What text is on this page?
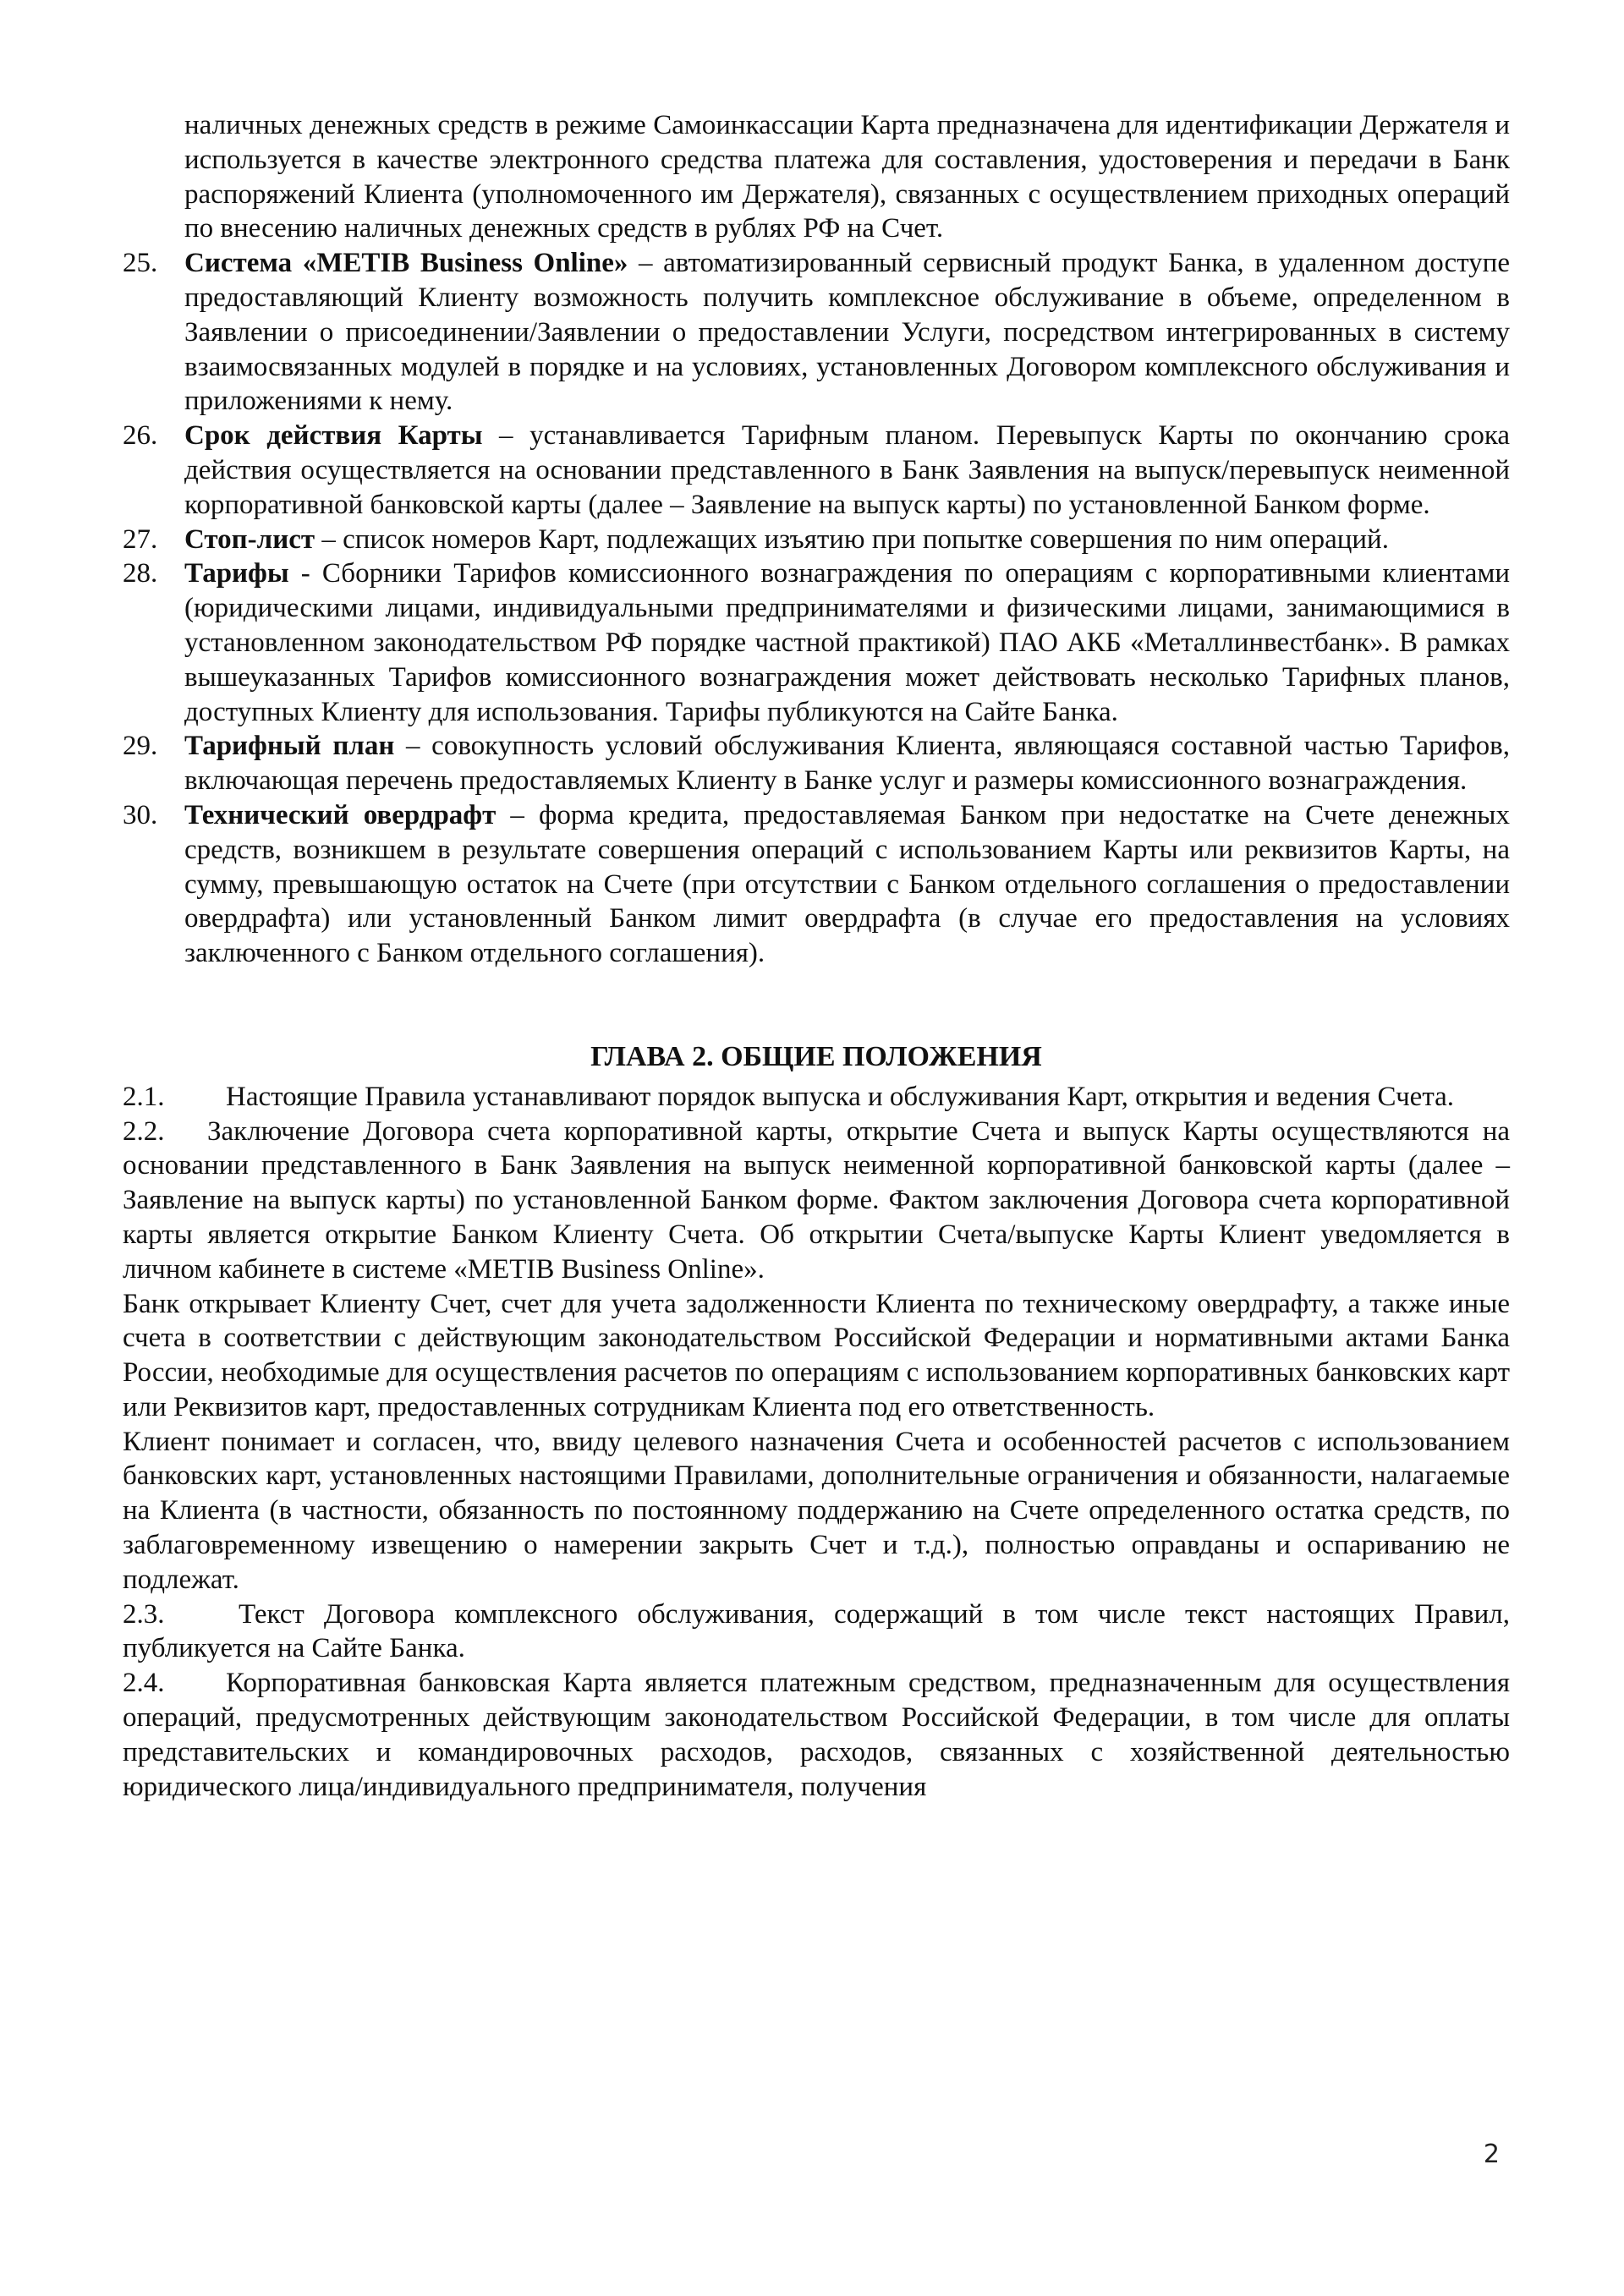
наличных денежных средств в режиме Самоинкассации Карта предназначена для идентификации Держателя и используется в качестве электронного средства платежа для составления, удостоверения и передачи в Банк распоряжений Клиента (уполномоченного им Держателя), связанных с осуществлением приходных операций по внесению наличных денежных средств в рублях РФ на Счет.
25. Система «METIB Business Online» – автоматизированный сервисный продукт Банка, в удаленном доступе предоставляющий Клиенту возможность получить комплексное обслуживание в объеме, определенном в Заявлении о присоединении/Заявлении о предоставлении Услуги, посредством интегрированных в систему взаимосвязанных модулей в порядке и на условиях, установленных Договором комплексного обслуживания и приложениями к нему.
26. Срок действия Карты – устанавливается Тарифным планом. Перевыпуск Карты по окончанию срока действия осуществляется на основании представленного в Банк Заявления на выпуск/перевыпуск неименной корпоративной банковской карты (далее – Заявление на выпуск карты) по установленной Банком форме.
27. Стоп-лист – список номеров Карт, подлежащих изъятию при попытке совершения по ним операций.
28. Тарифы - Сборники Тарифов комиссионного вознаграждения по операциям с корпоративными клиентами (юридическими лицами, индивидуальными предпринимателями и физическими лицами, занимающимися в установленном законодательством РФ порядке частной практикой) ПАО АКБ «Металлинвестбанк». В рамках вышеуказанных Тарифов комиссионного вознаграждения может действовать несколько Тарифных планов, доступных Клиенту для использования. Тарифы публикуются на Сайте Банка.
29. Тарифный план – совокупность условий обслуживания Клиента, являющаяся составной частью Тарифов, включающая перечень предоставляемых Клиенту в Банке услуг и размеры комиссионного вознаграждения.
30. Технический овердрафт – форма кредита, предоставляемая Банком при недостатке на Счете денежных средств, возникшем в результате совершения операций с использованием Карты или реквизитов Карты, на сумму, превышающую остаток на Счете (при отсутствии с Банком отдельного соглашения о предоставлении овердрафта) или установленный Банком лимит овердрафта (в случае его предоставления на условиях заключенного с Банком отдельного соглашения).
ГЛАВА 2. ОБЩИЕ ПОЛОЖЕНИЯ
2.1. Настоящие Правила устанавливают порядок выпуска и обслуживания Карт, открытия и ведения Счета.
2.2. Заключение Договора счета корпоративной карты, открытие Счета и выпуск Карты осуществляются на основании представленного в Банк Заявления на выпуск неименной корпоративной банковской карты (далее – Заявление на выпуск карты) по установленной Банком форме. Фактом заключения Договора счета корпоративной карты является открытие Банком Клиенту Счета. Об открытии Счета/выпуске Карты Клиент уведомляется в личном кабинете в системе «METIB Business Online».
Банк открывает Клиенту Счет, счет для учета задолженности Клиента по техническому овердрафту, а также иные счета в соответствии с действующим законодательством Российской Федерации и нормативными актами Банка России, необходимые для осуществления расчетов по операциям с использованием корпоративных банковских карт или Реквизитов карт, предоставленных сотрудникам Клиента под его ответственность.
Клиент понимает и согласен, что, ввиду целевого назначения Счета и особенностей расчетов с использованием банковских карт, установленных настоящими Правилами, дополнительные ограничения и обязанности, налагаемые на Клиента (в частности, обязанность по постоянному поддержанию на Счете определенного остатка средств, по заблаговременному извещению о намерении закрыть Счет и т.д.), полностью оправданы и оспариванию не подлежат.
2.3.	Текст Договора комплексного обслуживания, содержащий в том числе текст настоящих Правил, публикуется на Сайте Банка.
2.4. Корпоративная банковская Карта является платежным средством, предназначенным для осуществления операций, предусмотренных действующим законодательством Российской Федерации, в том числе для оплаты представительских и командировочных расходов, расходов, связанных с хозяйственной деятельностью юридического лица/индивидуального предпринимателя, получения
2
